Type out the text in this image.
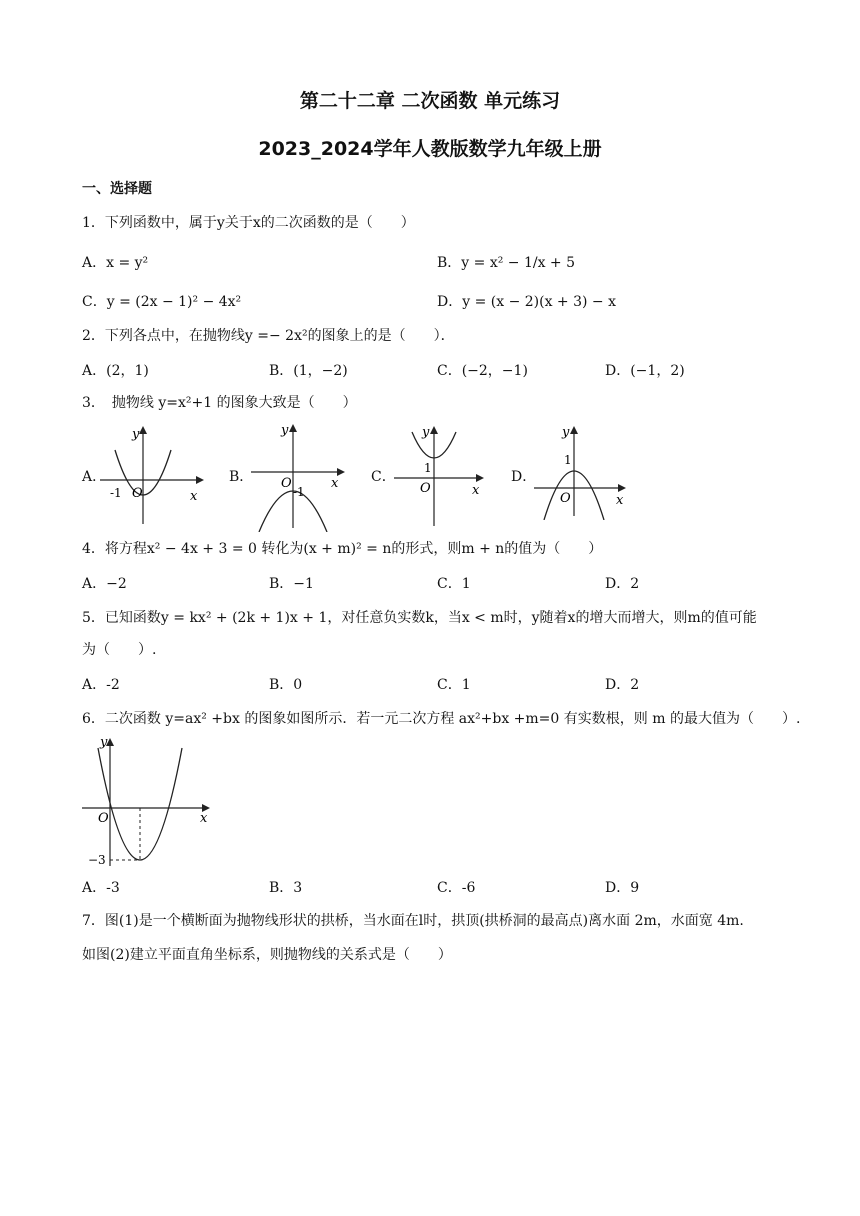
第二十二章 二次函数 单元练习
2023_2024学年人教版数学九年级上册
一、选择题
1．下列函数中，属于y关于x的二次函数的是（　　）
A．x = y²	B．y = x² − 1/x + 5
C．y = (2x − 1)² − 4x²	D．y = (x − 2)(x + 3) − x
2．下列各点中，在抛物线y =− 2x²的图象上的是（　　）．
A．(2，1)	B．(1，−2)	C．(−2，−1)	D．(−1，2)
3．　抛物线 y=x²+1 的图象大致是（　　）
A．	B．	C．	D．
y
x
O
-1
y
x
O
-1
y
x
O
1
y
x
O
1
4．将方程x² − 4x + 3 = 0 转化为(x + m)² = n的形式，则m + n的值为（　　）
A．−2	B．−1	C．1	D．2
5．已知函数y = kx² + (2k + 1)x + 1，对任意负实数k，当x < m时，y随着x的增大而增大，则m的值可能
为（　　）.
A．-2	B．0	C．1	D．2
6．二次函数 y=ax² +bx 的图象如图所示．若一元二次方程 ax²+bx +m=0 有实数根，则 m 的最大值为（　　）.
y
x
O
−3
A．-3	B．3	C．-6	D．9
7．图(1)是一个横断面为抛物线形状的拱桥，当水面在l时，拱顶(拱桥洞的最高点)离水面 2m，水面宽 4m.
如图(2)建立平面直角坐标系，则抛物线的关系式是（　　）
